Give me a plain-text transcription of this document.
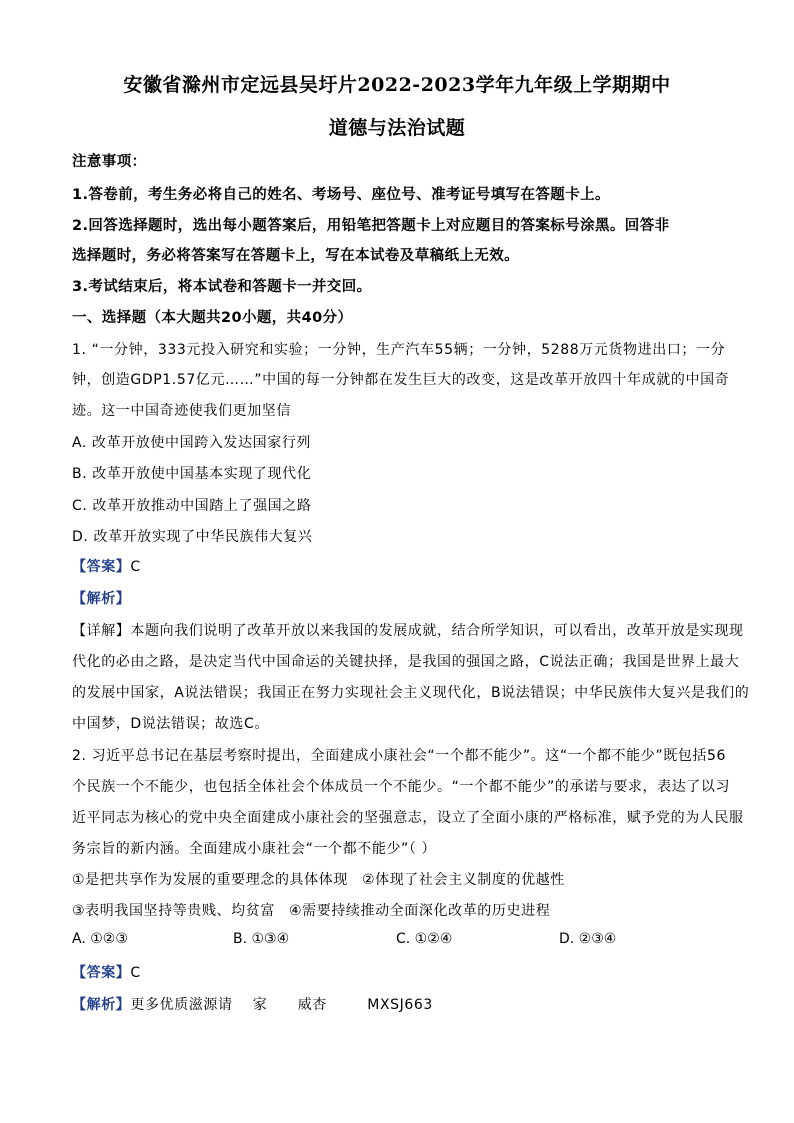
安徽省滁州市定远县吴圩片2022-2023学年九年级上学期期中
道德与法治试题
注意事项：
1.答卷前，考生务必将自己的姓名、考场号、座位号、准考证号填写在答题卡上。
2.回答选择题时，选出每小题答案后，用铅笔把答题卡上对应题目的答案标号涂黑。回答非
选择题时，务必将答案写在答题卡上，写在本试卷及草稿纸上无效。
3.考试结束后，将本试卷和答题卡一并交回。
一、选择题（本大题共20小题，共40分）
1. “一分钟，333元投入研究和实验；一分钟，生产汽车55辆；一分钟，5288万元货物进出口；一分
钟，创造GDP1.57亿元……”中国的每一分钟都在发生巨大的改变，这是改革开放四十年成就的中国奇
迹。这一中国奇迹使我们更加坚信
A. 改革开放使中国跨入发达国家行列
B. 改革开放使中国基本实现了现代化
C. 改革开放推动中国踏上了强国之路
D. 改革开放实现了中华民族伟大复兴
【答案】C
【解析】
【详解】本题向我们说明了改革开放以来我国的发展成就，结合所学知识，可以看出，改革开放是实现现
代化的必由之路，是决定当代中国命运的关键抉择，是我国的强国之路，C说法正确；我国是世界上最大
的发展中国家，A说法错误；我国正在努力实现社会主义现代化，B说法错误；中华民族伟大复兴是我们的
中国梦，D说法错误；故选C。
2. 习近平总书记在基层考察时提出，全面建成小康社会“一个都不能少”。这“一个都不能少”既包括56
个民族一个不能少，也包括全体社会个体成员一个不能少。“一个都不能少”的承诺与要求，表达了以习
近平同志为核心的党中央全面建成小康社会的坚强意志，设立了全面小康的严格标准，赋予党的为人民服
务宗旨的新内涵。全面建成小康社会“一个都不能少”（ ）
①是把共享作为发展的重要理念的具体体现 ②体现了社会主义制度的优越性
③表明我国坚持等贵贱、均贫富 ④需要持续推动全面深化改革的历史进程
A. ①②③	B. ①③④	C. ①②④	D. ②③④
【答案】C
【解析】更多优质滋源请    家      威杏        MXSJ663
